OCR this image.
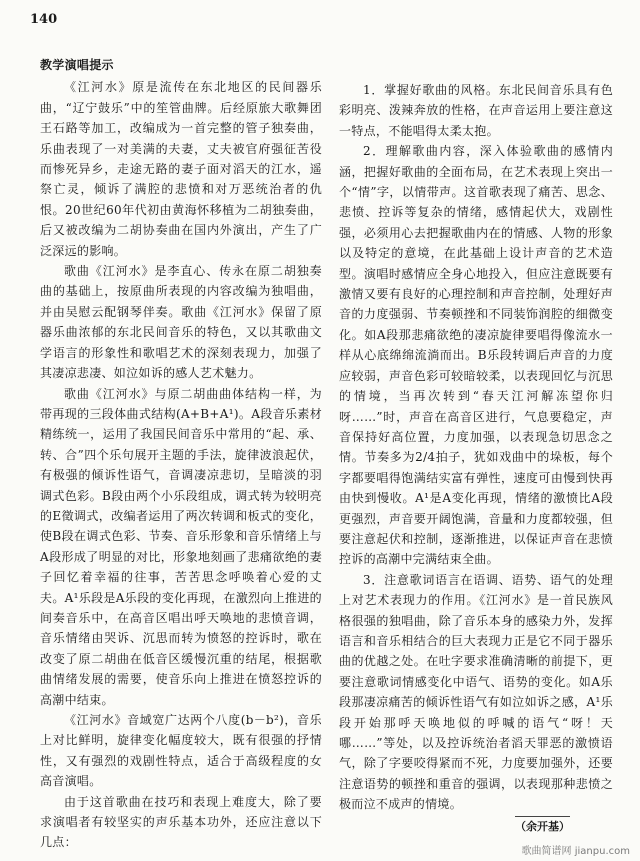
140
教学演唱提示

《江河水》原是流传在东北地区的民间器乐曲，“辽宁鼓乐”中的笙管曲牌。后经原旅大歌舞团王石路等加工，改编成为一首完整的管子独奏曲，乐曲表现了一对美满的夫妻，丈夫被官府强征苦役而惨死异乡，走途无路的妻子面对滔天的江水，遥祭亡灵，倾诉了满腔的悲愤和对万恶统治者的仇恨。20世纪60年代初由黄海怀移植为二胡独奏曲，后又被改编为二胡协奏曲在国内外演出，产生了广泛深远的影响。

歌曲《江河水》是李直心、传永在原二胡独奏曲的基础上，按原曲所表现的内容改编为独唱曲，并由吴慰云配钢琴伴奏。歌曲《江河水》保留了原器乐曲浓郁的东北民间音乐的特色，又以其歌曲文学语言的形象性和歌唱艺术的深刻表现力，加强了其凄凉悲凄、如泣如诉的感人艺术魅力。

歌曲《江河水》与原二胡曲曲体结构一样，为带再现的三段体曲式结构(A+B+A¹)。A段音乐素材精练统一，运用了我国民间音乐中常用的“起、承、转、合”四个乐句展开主题的手法，旋律波浪起伏，有极强的倾诉性语气，音调凄凉悲切，呈暗淡的羽调式色彩。B段由两个小乐段组成，调式转为较明亮的E徵调式，改编者运用了两次转调和板式的变化，使B段在调式色彩、节奏、音乐形象和音乐情绪上与A段形成了明显的对比，形象地刻画了悲痛欲绝的妻子回忆着幸福的往事，苦苦思念呼唤着心爱的丈夫。A¹乐段是A乐段的变化再现，在激烈向上推进的间奏音乐中，在高音区唱出呼天唤地的悲愤音调，音乐情绪由哭诉、沉思而转为愤怒的控诉时，歌在改变了原二胡曲在低音区缓慢沉重的结尾，根据歌曲情绪发展的需要，使音乐向上推进在愤怒控诉的高潮中结束。

《江河水》音域宽广达两个八度(b－b²)，音乐上对比鲜明，旋律变化幅度较大，既有很强的抒情性，又有强烈的戏剧性特点，适合于高级程度的女高音演唱。

由于这首歌曲在技巧和表现上难度大，除了要求演唱者有较坚实的声乐基本功外，还应注意以下几点：

1．掌握好歌曲的风格。东北民间音乐具有色彩明亮、泼辣奔放的性格，在声音运用上要注意这一特点，不能唱得太柔太抱。

2．理解歌曲内容，深入体验歌曲的感情内涵，把握好歌曲的全面布局，在艺术表现上突出一个“情”字，以情带声。这首歌表现了痛苦、思念、悲愤、控诉等复杂的情绪，感情起伏大，戏剧性强，必须用心去把握歌曲内在的情感、人物的形象以及特定的意境，在此基础上设计声音的艺术造型。演唱时感情应全身心地投入，但应注意既要有激情又要有良好的心理控制和声音控制，处理好声音的力度强弱、节奏顿挫和不同装饰润腔的细微变化。如A段那悲痛欲绝的凄凉旋律要唱得像流水一样从心底绵绵流淌而出。B乐段转调后声音的力度应较弱，声音色彩可较暗较柔，以表现回忆与沉思的情境，当再次转到“春天江河解冻望你归呀……”时，声音在高音区进行，气息要稳定，声音保持好高位置，力度加强，以表现急切思念之情。节奏多为2/4拍子，犹如戏曲中的垛板，每个字都要唱得饱满结实富有弹性，速度可由慢到快再由快到慢收。A¹是A变化再现，情绪的激愤比A段更强烈，声音要开阔饱满，音量和力度都较强，但要注意起伏和控制，逐渐推进，以保证声音在悲愤控诉的高潮中完满结束全曲。

3．注意歌词语言在语调、语势、语气的处理上对艺术表现力的作用。《江河水》是一首民族风格很强的独唱曲，除了音乐本身的感染力外，发挥语言和音乐相结合的巨大表现力正是它不同于器乐曲的优越之处。在吐字要求准确清晰的前提下，更要注意歌词情感变化中语气、语势的变化。如A乐段那凄凉痛苦的倾诉性语气有如泣如诉之感，A¹乐段开始那呼天唤地似的呼喊的语气“呀！天哪……”等处，以及控诉统治者滔天罪恶的激愤语气，除了字要咬得紧而不死，力度要加强外，还要注意语势的顿挫和重音的强调，以表现那种悲愤之极而泣不成声的情境。

（余开基）
歌曲简谱网 jianpu.com
